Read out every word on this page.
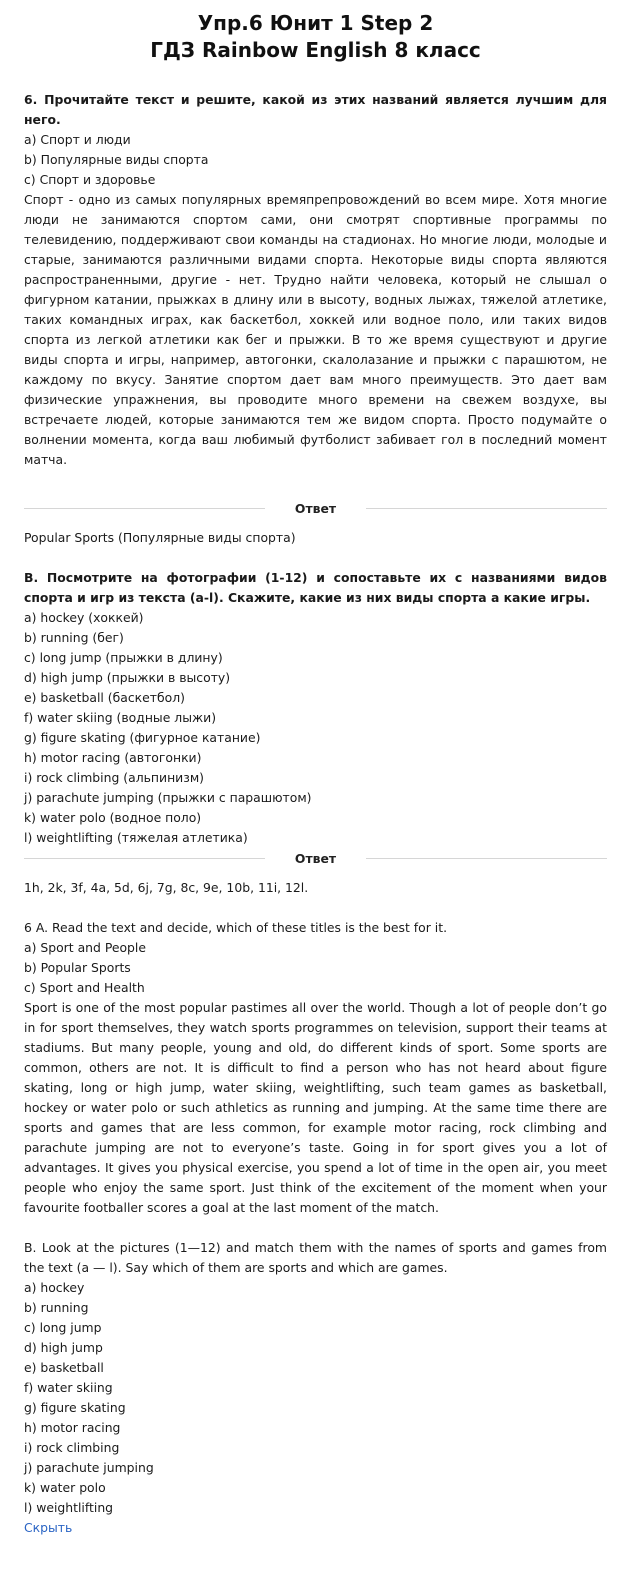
Упр.6 Юнит 1 Step 2
ГДЗ Rainbow English 8 класс
6. Прочитайте текст и решите, какой из этих названий является лучшим для него.
a) Спорт и люди
b) Популярные виды спорта
c) Спорт и здоровье
Спорт - одно из самых популярных времяпрепровождений во всем мире. Хотя многие люди не занимаются спортом сами, они смотрят спортивные программы по телевидению, поддерживают свои команды на стадионах. Но многие люди, молодые и старые, занимаются различными видами спорта. Некоторые виды спорта являются распространенными, другие - нет. Трудно найти человека, который не слышал о фигурном катании, прыжках в длину или в высоту, водных лыжах, тяжелой атлетике, таких командных играх, как баскетбол, хоккей или водное поло, или таких видов спорта из легкой атлетики как бег и прыжки. В то же время существуют и другие виды спорта и игры, например, автогонки, скалолазание и прыжки с парашютом, не каждому по вкусу. Занятие спортом дает вам много преимуществ. Это дает вам физические упражнения, вы проводите много времени на свежем воздухе, вы встречаете людей, которые занимаются тем же видом спорта. Просто подумайте о волнении момента, когда ваш любимый футболист забивает гол в последний момент матча.
Ответ
Popular Sports (Популярные виды спорта)
B. Посмотрите на фотографии (1-12) и сопоставьте их с названиями видов спорта и игр из текста (a-l). Скажите, какие из них виды спорта а какие игры.
a) hockey (хоккей)
b) running (бег)
c) long jump (прыжки в длину)
d) high jump (прыжки в высоту)
e) basketball (баскетбол)
f) water skiing (водные лыжи)
g) figure skating (фигурное катание)
h) motor racing (автогонки)
i) rock climbing (альпинизм)
j) parachute jumping (прыжки с парашютом)
k) water polo (водное поло)
l) weightlifting (тяжелая атлетика)
Ответ
1h, 2k, 3f, 4a, 5d, 6j, 7g, 8c, 9e, 10b, 11i, 12l.
6 A. Read the text and decide, which of these titles is the best for it.
a) Sport and People
b) Popular Sports
c) Sport and Health
Sport is one of the most popular pastimes all over the world. Though a lot of people don’t go in for sport themselves, they watch sports programmes on television, support their teams at stadiums. But many people, young and old, do different kinds of sport. Some sports are common, others are not. It is difficult to find a person who has not heard about figure skating, long or high jump, water skiing, weightlifting, such team games as basketball, hockey or water polo or such athletics as running and jumping. At the same time there are sports and games that are less common, for example motor racing, rock climbing and parachute jumping are not to everyone’s taste. Going in for sport gives you a lot of advantages. It gives you physical exercise, you spend a lot of time in the open air, you meet people who enjoy the same sport. Just think of the excitement of the moment when your favourite footballer scores a goal at the last moment of the match.
B. Look at the pictures (1—12) and match them with the names of sports and games from the text (a — l). Say which of them are sports and which are games.
a) hockey
b) running
c) long jump
d) high jump
e) basketball
f) water skiing
g) figure skating
h) motor racing
i) rock climbing
j) parachute jumping
k) water polo
l) weightlifting
Скрыть
